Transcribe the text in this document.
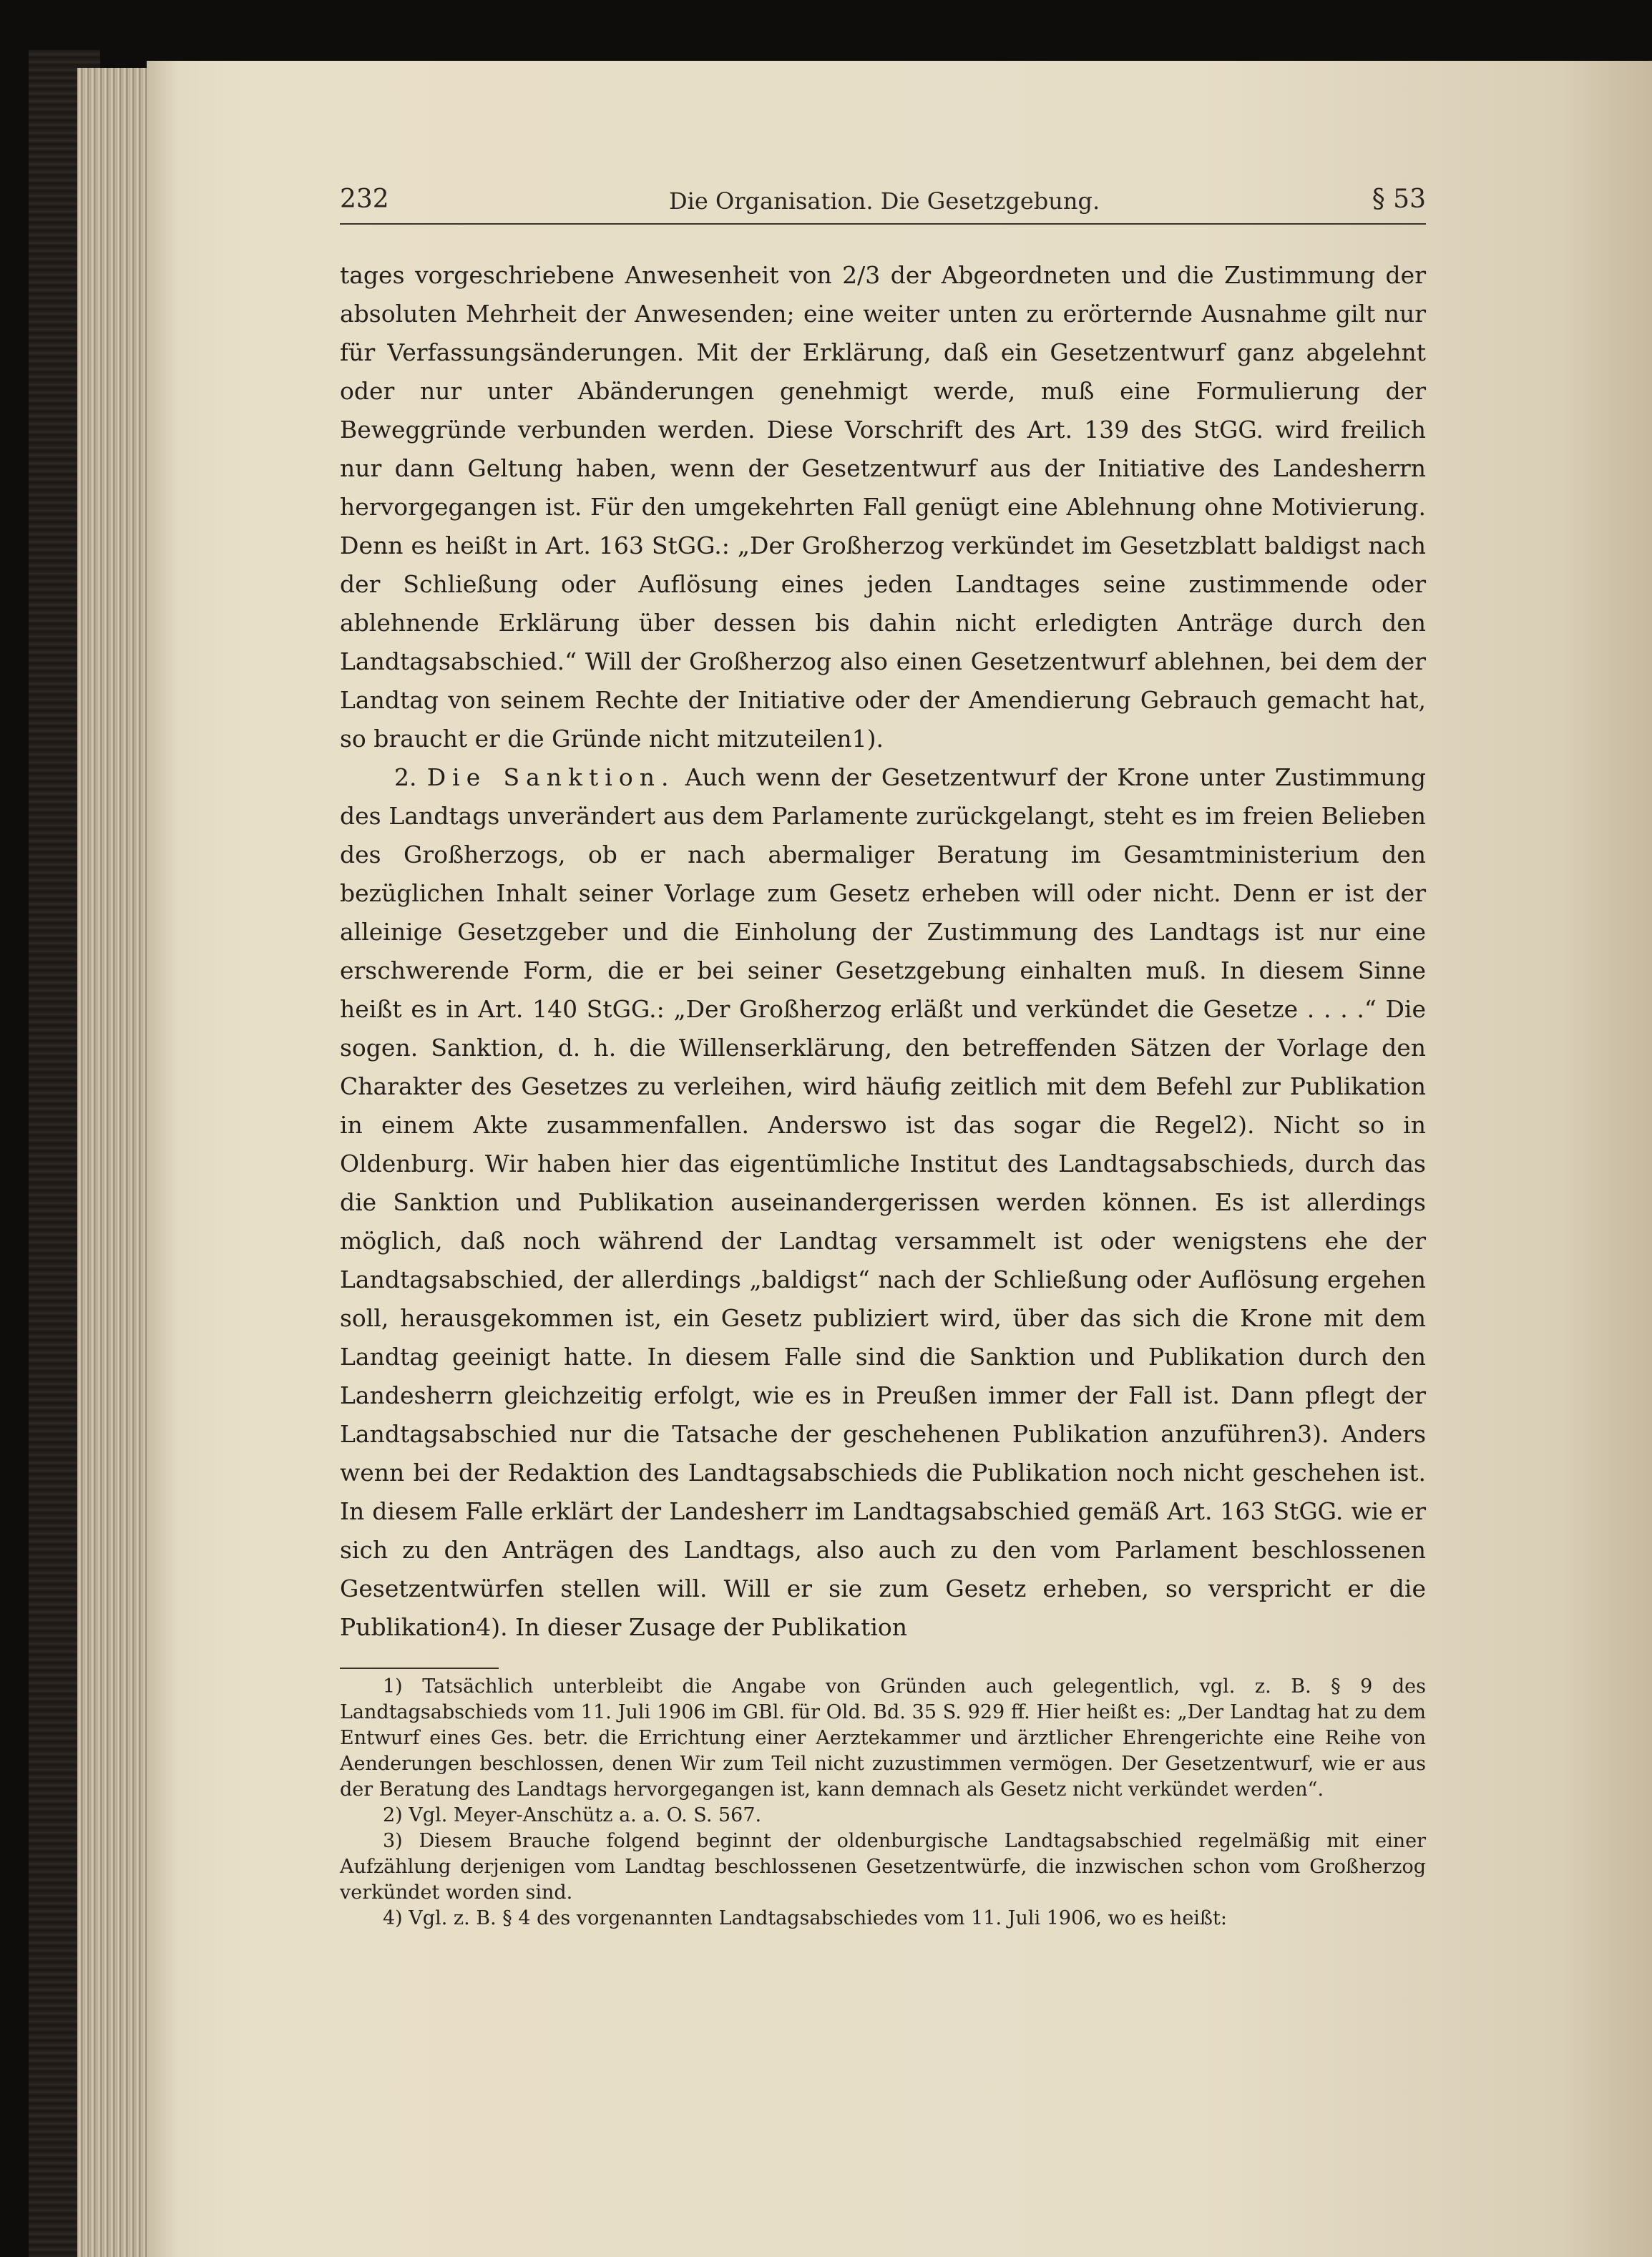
232	Die Organisation. Die Gesetzgebung.	§ 53

tages vorgeschriebene Anwesenheit von 2/3 der Abgeordneten und die Zustimmung der absoluten Mehrheit der Anwesenden; eine weiter unten zu erörternde Ausnahme gilt nur für Verfassungsänderungen. Mit der Erklärung, daß ein Gesetzentwurf ganz abgelehnt oder nur unter Abänderungen genehmigt werde, muß eine Formulierung der Beweggründe verbunden werden. Diese Vorschrift des Art. 139 des StGG. wird freilich nur dann Geltung haben, wenn der Gesetzentwurf aus der Initiative des Landesherrn hervorgegangen ist. Für den umgekehrten Fall genügt eine Ablehnung ohne Motivierung. Denn es heißt in Art. 163 StGG.: „Der Großherzog verkündet im Gesetzblatt baldigst nach der Schließung oder Auflösung eines jeden Landtages seine zustimmende oder ablehnende Erklärung über dessen bis dahin nicht erledigten Anträge durch den Landtagsabschied.“ Will der Großherzog also einen Gesetzentwurf ablehnen, bei dem der Landtag von seinem Rechte der Initiative oder der Amendierung Gebrauch gemacht hat, so braucht er die Gründe nicht mitzuteilen1).

2. Die Sanktion. Auch wenn der Gesetzentwurf der Krone unter Zustimmung des Landtags unverändert aus dem Parlamente zurückgelangt, steht es im freien Belieben des Großherzogs, ob er nach abermaliger Beratung im Gesamtministerium den bezüglichen Inhalt seiner Vorlage zum Gesetz erheben will oder nicht. Denn er ist der alleinige Gesetzgeber und die Einholung der Zustimmung des Landtags ist nur eine erschwerende Form, die er bei seiner Gesetzgebung einhalten muß. In diesem Sinne heißt es in Art. 140 StGG.: „Der Großherzog erläßt und verkündet die Gesetze . . . .“ Die sogen. Sanktion, d. h. die Willenserklärung, den betreffenden Sätzen der Vorlage den Charakter des Gesetzes zu verleihen, wird häufig zeitlich mit dem Befehl zur Publikation in einem Akte zusammenfallen. Anderswo ist das sogar die Regel2). Nicht so in Oldenburg. Wir haben hier das eigentümliche Institut des Landtagsabschieds, durch das die Sanktion und Publikation auseinandergerissen werden können. Es ist allerdings möglich, daß noch während der Landtag versammelt ist oder wenigstens ehe der Landtagsabschied, der allerdings „baldigst“ nach der Schließung oder Auflösung ergehen soll, herausgekommen ist, ein Gesetz publiziert wird, über das sich die Krone mit dem Landtag geeinigt hatte. In diesem Falle sind die Sanktion und Publikation durch den Landesherrn gleichzeitig erfolgt, wie es in Preußen immer der Fall ist. Dann pflegt der Landtagsabschied nur die Tatsache der geschehenen Publikation anzuführen3). Anders wenn bei der Redaktion des Landtagsabschieds die Publikation noch nicht geschehen ist. In diesem Falle erklärt der Landesherr im Landtagsabschied gemäß Art. 163 StGG. wie er sich zu den Anträgen des Landtags, also auch zu den vom Parlament beschlossenen Gesetzentwürfen stellen will. Will er sie zum Gesetz erheben, so verspricht er die Publikation4). In dieser Zusage der Publikation

1) Tatsächlich unterbleibt die Angabe von Gründen auch gelegentlich, vgl. z. B. § 9 des Landtagsabschieds vom 11. Juli 1906 im GBl. für Old. Bd. 35 S. 929 ff. Hier heißt es: „Der Landtag hat zu dem Entwurf eines Ges. betr. die Errichtung einer Aerztekammer und ärztlicher Ehrengerichte eine Reihe von Aenderungen beschlossen, denen Wir zum Teil nicht zuzustimmen vermögen. Der Gesetzentwurf, wie er aus der Beratung des Landtags hervorgegangen ist, kann demnach als Gesetz nicht verkündet werden“.

2) Vgl. Meyer-Anschütz a. a. O. S. 567.

3) Diesem Brauche folgend beginnt der oldenburgische Landtagsabschied regelmäßig mit einer Aufzählung derjenigen vom Landtag beschlossenen Gesetzentwürfe, die inzwischen schon vom Großherzog verkündet worden sind.

4) Vgl. z. B. § 4 des vorgenannten Landtagsabschiedes vom 11. Juli 1906, wo es heißt:
